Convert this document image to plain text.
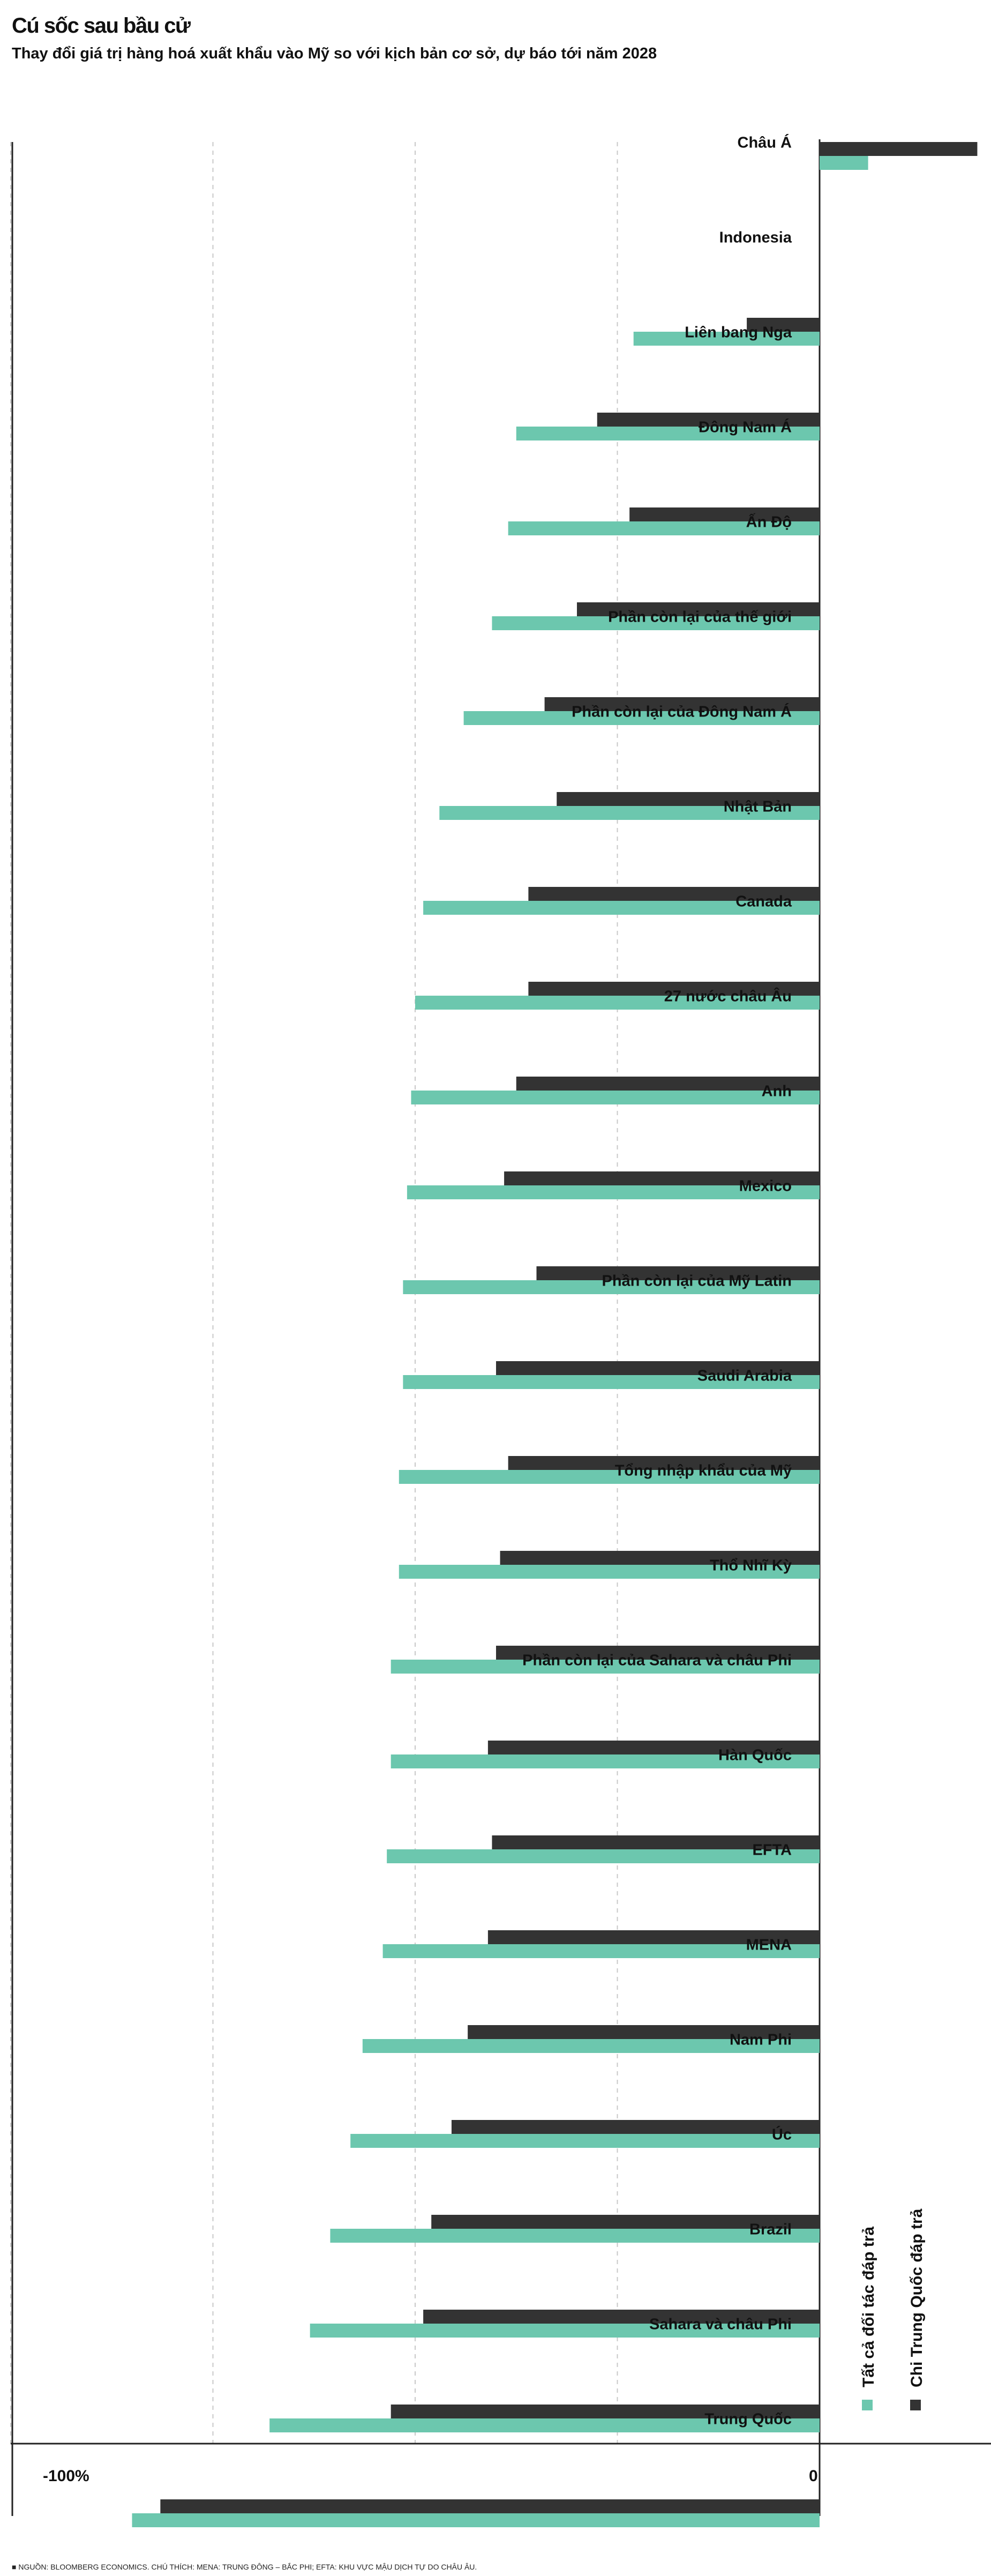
Cú sốc sau bầu cử
Thay đổi giá trị hàng hoá xuất khẩu vào Mỹ so với kịch bản cơ sở, dự báo tới năm 2028
-100%	0
Châu Á
Indonesia
Liên bang Nga
Đông Nam Á
Ấn Độ
Phần còn lại của thế giới
Phần còn lại của Đông Nam Á
Nhật Bản
Canada
27 nước châu Âu
Anh
Mexico
Phần còn lại của Mỹ Latin
Saudi Arabia
Tổng nhập khẩu của Mỹ
Thổ Nhĩ Kỳ
Phần còn lại của Sahara và châu Phi
Hàn Quốc
EFTA
MENA
Nam Phi
Úc
Brazil
Sahara và châu Phi
Trung Quốc
Tất cả đối tác đáp trả Chi Trung Quốc đáp trả
■ NGUỒN: BLOOMBERG ECONOMICS. CHÚ THÍCH: MENA: TRUNG ĐÔNG – BẮC PHI; EFTA: KHU VỰC MẬU DỊCH TỰ DO CHÂU ÂU.
